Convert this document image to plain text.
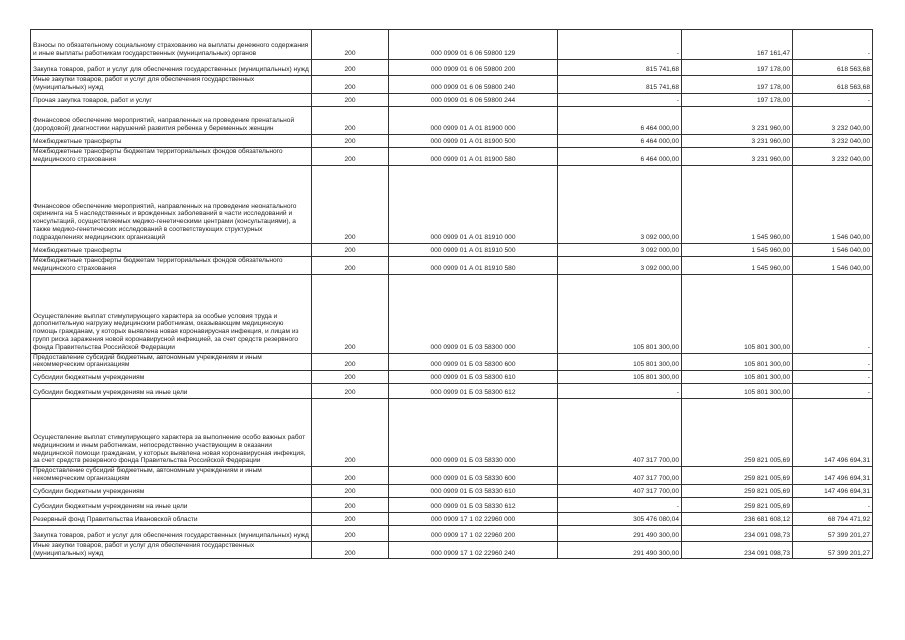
Взносы по обязательному социальному страхованию на выплаты денежного содержания и иные выплаты работникам государственных (муниципальных) органов	200	000 0909 01 6 06 59800 129	-	167 161,47	-
Закупка товаров, работ и услуг для обеспечения государственных (муниципальных) нужд	200	000 0909 01 6 06 59800 200	815 741,68	197 178,00	618 563,68
Иные закупки товаров, работ и услуг для обеспечения государственных (муниципальных) нужд	200	000 0909 01 6 06 59800 240	815 741,68	197 178,00	618 563,68
Прочая закупка товаров, работ и услуг	200	000 0909 01 6 06 59800 244	-	197 178,00	-
Финансовое обеспечение мероприятий, направленных на проведение пренатальной (дородовой) диагностики нарушений развития ребенка у беременных женщин	200	000 0909 01 А 01 81900 000	6 464 000,00	3 231 960,00	3 232 040,00
Межбюджетные трансферты	200	000 0909 01 А 01 81900 500	6 464 000,00	3 231 960,00	3 232 040,00
Межбюджетные трансферты бюджетам территориальных фондов обязательного медицинского страхования	200	000 0909 01 А 01 81900 580	6 464 000,00	3 231 960,00	3 232 040,00
Финансовое обеспечение мероприятий, направленных на проведение неонатального скрининга на 5 наследственных и врожденных заболеваний в части исследований и консультаций, осуществляемых медико-генетическими центрами (консультациями), а также медико-генетических исследований в соответствующих структурных подразделениях медицинских организаций	200	000 0909 01 А 01 81910 000	3 092 000,00	1 545 960,00	1 546 040,00
Межбюджетные трансферты	200	000 0909 01 А 01 81910 500	3 092 000,00	1 545 960,00	1 546 040,00
Межбюджетные трансферты бюджетам территориальных фондов обязательного медицинского страхования	200	000 0909 01 А 01 81910 580	3 092 000,00	1 545 960,00	1 546 040,00
Осуществление выплат стимулирующего характера за особые условия труда и дополнительную нагрузку медицинским работникам, оказывающим медицинскую помощь гражданам, у которых выявлена новая коронавирусная инфекция, и лицам из групп риска заражения новой коронавирусной инфекцией, за счет средств резервного фонда Правительства Российской Федерации	200	000 0909 01 Б 03 58300 000	105 801 300,00	105 801 300,00	-
Предоставление субсидий бюджетным, автономным учреждениям и иным некоммерческим организациям	200	000 0909 01 Б 03 58300 600	105 801 300,00	105 801 300,00	-
Субсидии бюджетным учреждениям	200	000 0909 01 Б 03 58300 610	105 801 300,00	105 801 300,00	-
Субсидии бюджетным учреждениям на иные цели	200	000 0909 01 Б 03 58300 612	-	105 801 300,00	-
Осуществление выплат стимулирующего характера за выполнение особо важных работ медицинским и иным работникам, непосредственно участвующим в оказании медицинской помощи гражданам, у которых выявлена новая коронавирусная инфекция, за счет средств резервного фонда Правительства Российской Федерации	200	000 0909 01 Б 03 58330 000	407 317 700,00	259 821 005,69	147 496 694,31
Предоставление субсидий бюджетным, автономным учреждениям и иным некоммерческим организациям	200	000 0909 01 Б 03 58330 600	407 317 700,00	259 821 005,69	147 496 694,31
Субсидии бюджетным учреждениям	200	000 0909 01 Б 03 58330 610	407 317 700,00	259 821 005,69	147 496 694,31
Субсидии бюджетным учреждениям на иные цели	200	000 0909 01 Б 03 58330 612	-	259 821 005,69	-
Резервный фонд Правительства Ивановской области	200	000 0909 17 1 02 22960 000	305 476 080,04	236 681 608,12	68 794 471,92
Закупка товаров, работ и услуг для обеспечения государственных (муниципальных) нужд	200	000 0909 17 1 02 22960 200	291 490 300,00	234 091 098,73	57 399 201,27
Иные закупки товаров, работ и услуг для обеспечения государственных (муниципальных) нужд	200	000 0909 17 1 02 22960 240	291 490 300,00	234 091 098,73	57 399 201,27
